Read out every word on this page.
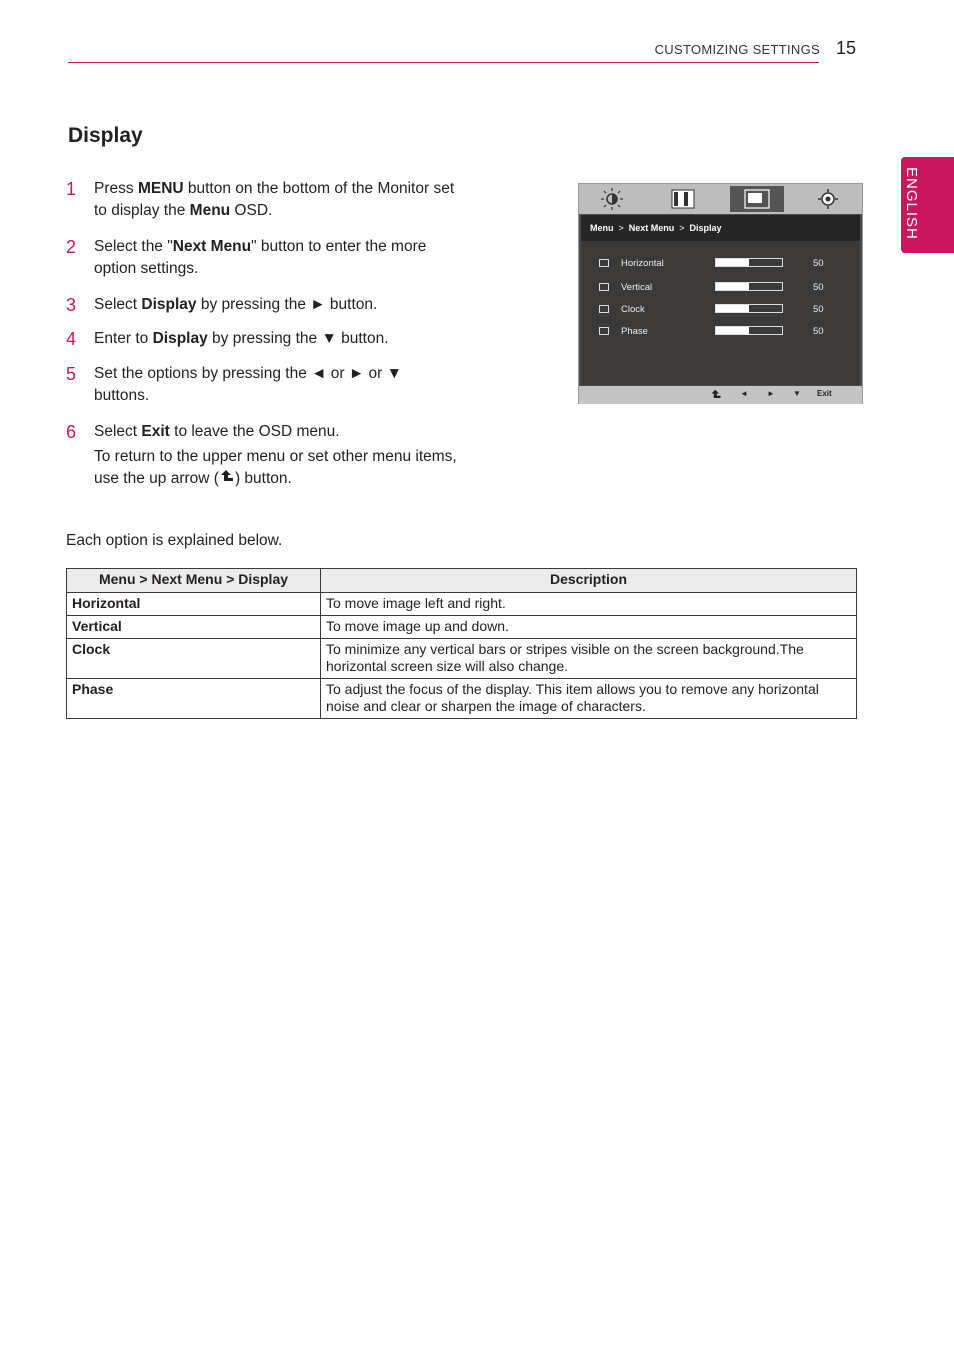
CUSTOMIZING SETTINGS 15
ENGLISH
Display
1 Press MENU button on the bottom of the Monitor set
to display the Menu OSD.
2 Select the "Next Menu" button to enter the more
option settings.
3 Select Display by pressing the ► button.
4 Enter to Display by pressing the ▼ button.
5 Set the options by pressing the ◄ or ► or ▼
buttons.
6 Select Exit to leave the OSD menu.
To return to the upper menu or set other menu items,
use the up arrow ( ) button.
Menu > Next Menu > Display
Horizontal	50
Vertical	50
Clock	50
Phase	50
◄ ► ▼ Exit
Each option is explained below.
Menu > Next Menu > Display	Description
Horizontal	To move image left and right.
Vertical	To move image up and down.
Clock	To minimize any vertical bars or stripes visible on the screen background.The
horizontal screen size will also change.
Phase	To adjust the focus of the display. This item allows you to remove any horizontal
noise and clear or sharpen the image of characters.
